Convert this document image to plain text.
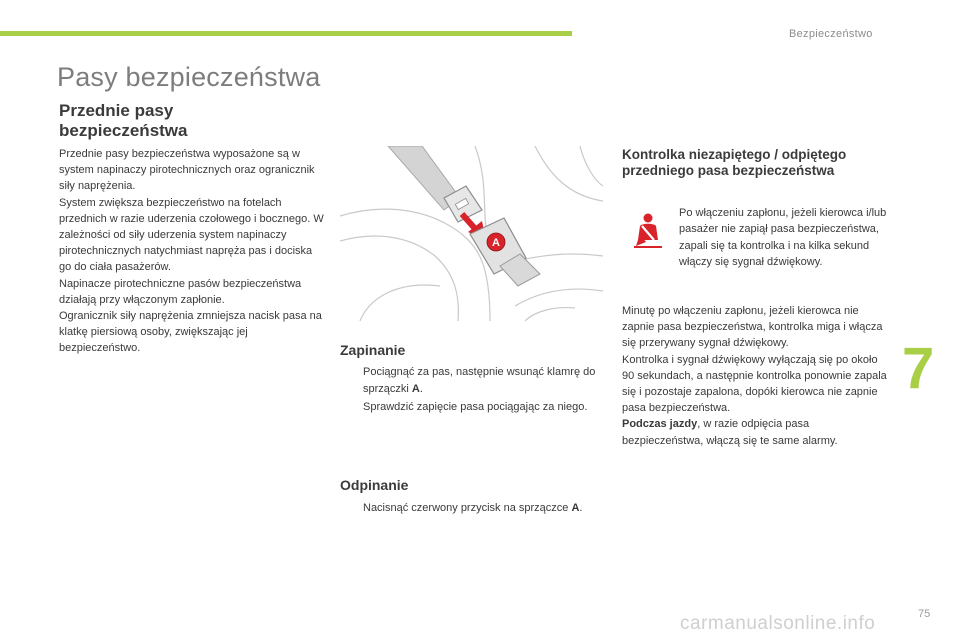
Bezpieczeństwo
Pasy bezpieczeństwa
Przednie pasy bezpieczeństwa

Przednie pasy bezpieczeństwa wyposażone są w system napinaczy pirotechnicznych oraz ogranicznik siły naprężenia.

System zwiększa bezpieczeństwo na fotelach przednich w razie uderzenia czołowego i bocznego. W zależności od siły uderzenia system napinaczy pirotechnicznych natychmiast napręża pas i dociska go do ciała pasażerów.

Napinacze pirotechniczne pasów bezpieczeństwa działają przy włączonym zapłonie.

Ogranicznik siły naprężenia zmniejsza nacisk pasa na klatkę piersiową osoby, zwiększając jej bezpieczeństwo.

A
Zapinanie
Pociągnąć za pas, następnie wsunąć klamrę do sprzączki A.
Sprawdzić zapięcie pasa pociągając za niego.
Odpinanie
Nacisnąć czerwony przycisk na sprzączce A.
Kontrolka niezapiętego / odpiętego przedniego pasa bezpieczeństwa

Po włączeniu zapłonu, jeżeli kierowca i/lub pasażer nie zapiął pasa bezpieczeństwa, zapali się ta kontrolka i na kilka sekund włączy się sygnał dźwiękowy.

Minutę po włączeniu zapłonu, jeżeli kierowca nie zapnie pasa bezpieczeństwa, kontrolka miga i włącza się przerywany sygnał dźwiękowy.

Kontrolka i sygnał dźwiękowy wyłączają się po około 90 sekundach, a następnie kontrolka ponownie zapala się i pozostaje zapalona, dopóki kierowca nie zapnie pasa bezpieczeństwa.

Podczas jazdy, w razie odpięcia pasa bezpieczeństwa, włączą się te same alarmy.

7
carmanualsonline.info	75
